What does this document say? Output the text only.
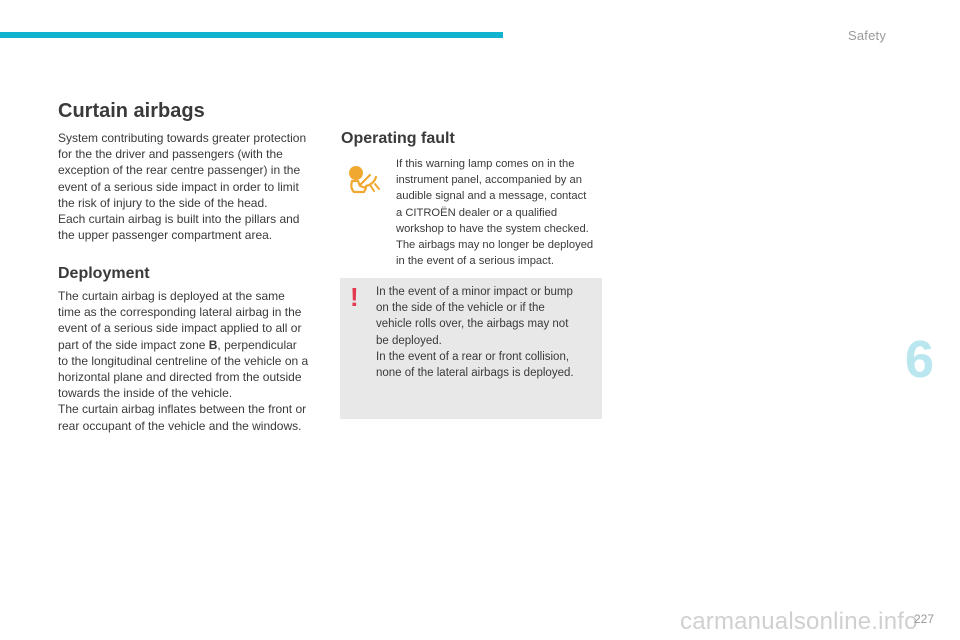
Safety
Curtain airbags

System contributing towards greater protection

for the the driver and passengers (with the

exception of the rear centre passenger) in the

event of a serious side impact in order to limit

the risk of injury to the side of the head.

Each curtain airbag is built into the pillars and

the upper passenger compartment area.

Deployment

The curtain airbag is deployed at the same

time as the corresponding lateral airbag in the

event of a serious side impact applied to all or

part of the side impact zone B, perpendicular

to the longitudinal centreline of the vehicle on a

horizontal plane and directed from the outside

towards the inside of the vehicle.

The curtain airbag inflates between the front or

rear occupant of the vehicle and the windows.

Operating fault

If this warning lamp comes on in the

instrument panel, accompanied by an

audible signal and a message, contact

a CITROËN dealer or a qualified

workshop to have the system checked.

The airbags may no longer be deployed

in the event of a serious impact.

! In the event of a minor impact or bump

on the side of the vehicle or if the

vehicle rolls over, the airbags may not

be deployed.

In the event of a rear or front collision,

none of the lateral airbags is deployed.	6
carmanualsonline.info
227
